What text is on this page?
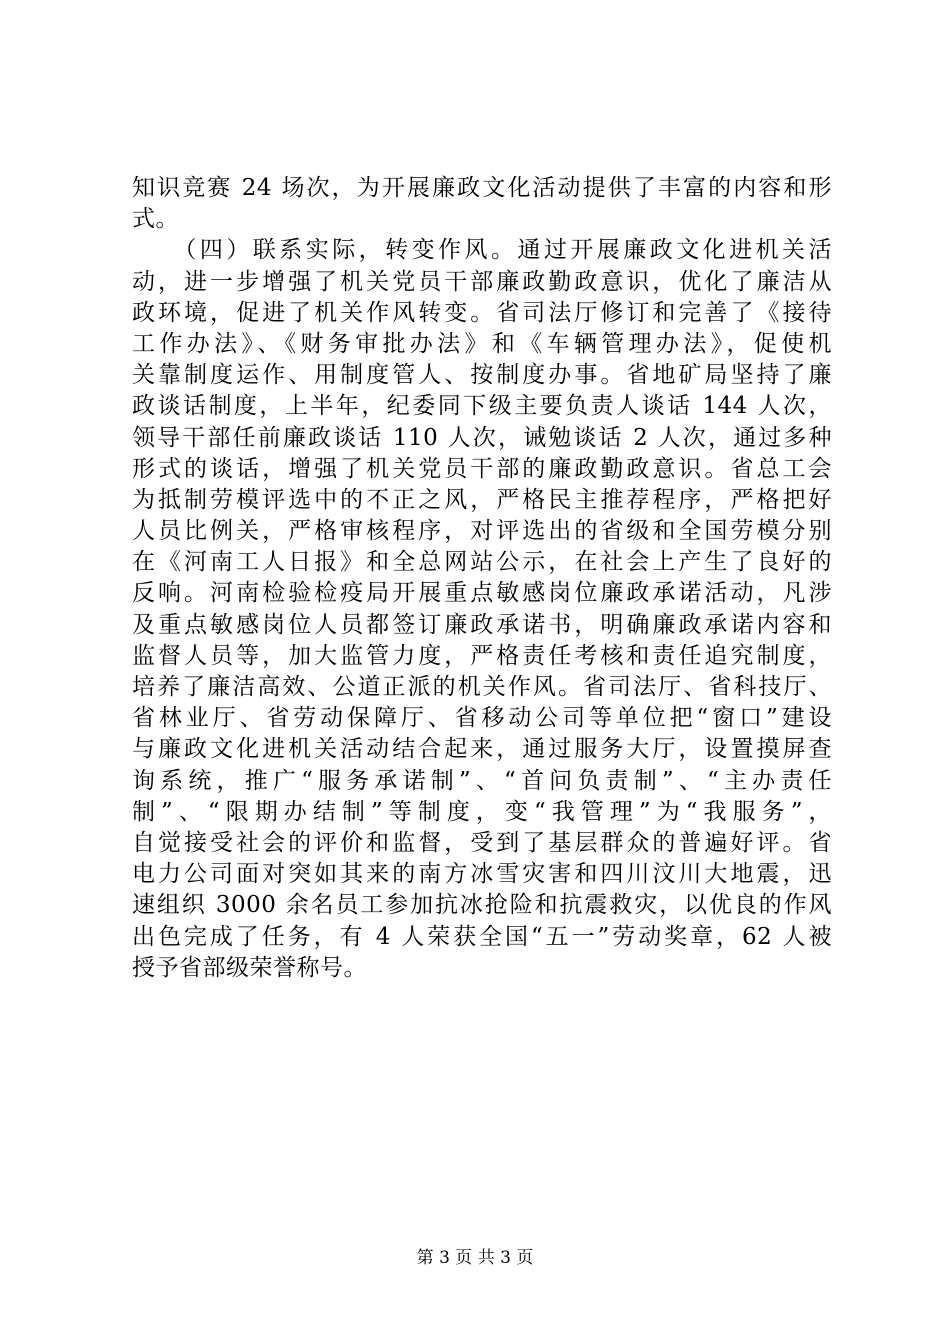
知识竞赛 24 场次，为开展廉政文化活动提供了丰富的内容和形
式。
　　（四）联系实际，转变作风。通过开展廉政文化进机关活
动，进一步增强了机关党员干部廉政勤政意识，优化了廉洁从
政环境，促进了机关作风转变。省司法厅修订和完善了《接待
工作办法》、《财务审批办法》和《车辆管理办法》，促使机
关靠制度运作、用制度管人、按制度办事。省地矿局坚持了廉
政谈话制度，上半年，纪委同下级主要负责人谈话 144 人次，
领导干部任前廉政谈话 110 人次，诫勉谈话 2 人次，通过多种
形式的谈话，增强了机关党员干部的廉政勤政意识。省总工会
为抵制劳模评选中的不正之风，严格民主推荐程序，严格把好
人员比例关，严格审核程序，对评选出的省级和全国劳模分别
在《河南工人日报》和全总网站公示，在社会上产生了良好的
反响。河南检验检疫局开展重点敏感岗位廉政承诺活动，凡涉
及重点敏感岗位人员都签订廉政承诺书，明确廉政承诺内容和
监督人员等，加大监管力度，严格责任考核和责任追究制度，
培养了廉洁高效、公道正派的机关作风。省司法厅、省科技厅、
省林业厅、省劳动保障厅、省移动公司等单位把“窗口”建设
与廉政文化进机关活动结合起来，通过服务大厅，设置摸屏查
询系统，推广“服务承诺制”、“首问负责制”、“主办责任
制”、“限期办结制”等制度，变“我管理”为“我服务”，
自觉接受社会的评价和监督，受到了基层群众的普遍好评。省
电力公司面对突如其来的南方冰雪灾害和四川汶川大地震，迅
速组织 3000 余名员工参加抗冰抢险和抗震救灾，以优良的作风
出色完成了任务，有 4 人荣获全国“五一”劳动奖章，62 人被
授予省部级荣誉称号。
第 3 页 共 3 页
